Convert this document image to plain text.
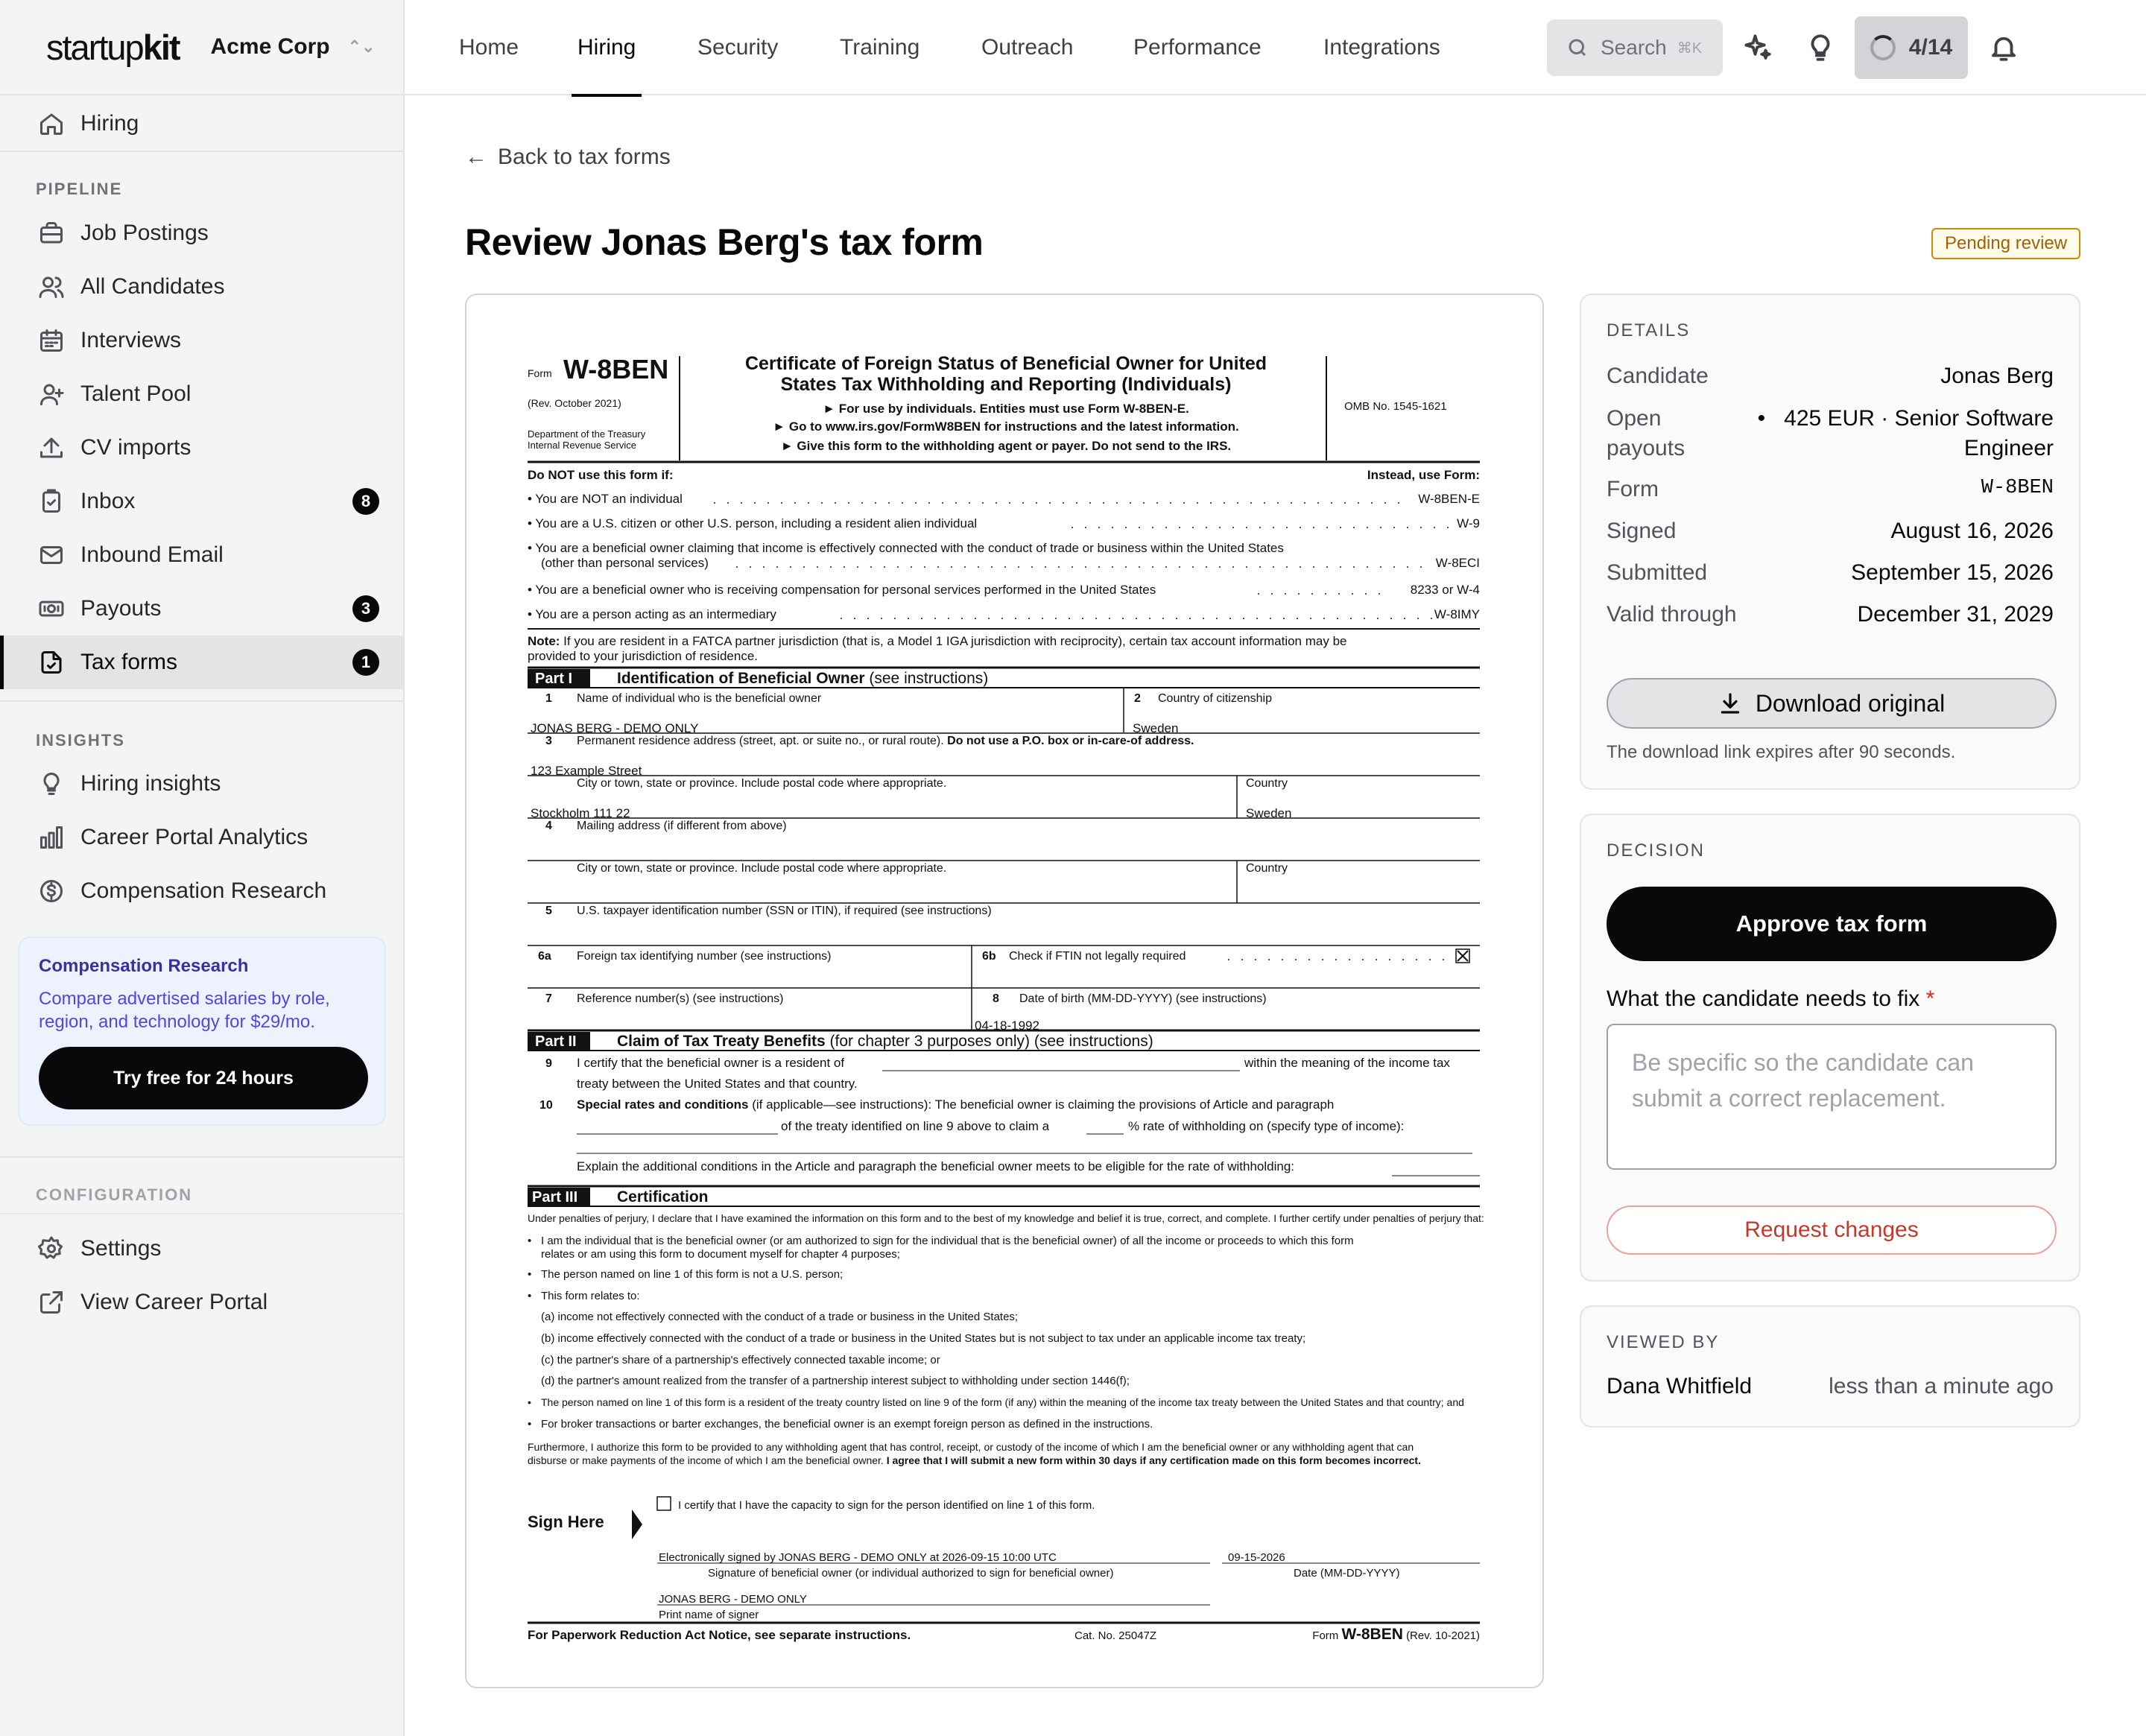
startupkit Acme Corp ⌃⌄
Hiring
PIPELINE
Job Postings
All Candidates
Interviews
Talent Pool
CV imports
Inbox	8
Inbound Email
Payouts	3
Tax forms	1
INSIGHTS
Hiring insights
Career Portal Analytics
Compensation Research
Compensation Research
Compare advertised salaries by role, region, and technology for $29/mo.
Try free for 24 hours
CONFIGURATION
Settings
View Career Portal
Home	Hiring	Security	Training	Outreach	Performance	Integrations	Search ⌘K	4/14
← Back to tax forms
Review Jonas Berg's tax form	Pending review
Form W-8BEN
(Rev. October 2021)
Department of the Treasury
Internal Revenue Service
Certificate of Foreign Status of Beneficial Owner for United
States Tax Withholding and Reporting (Individuals)
► For use by individuals. Entities must use Form W-8BEN-E.
► Go to www.irs.gov/FormW8BEN for instructions and the latest information.
► Give this form to the withholding agent or payer. Do not send to the IRS.
OMB No. 1545-1621
Do NOT use this form if:	Instead, use Form:
• You are NOT an individual	W-8BEN-E
• You are a U.S. citizen or other U.S. person, including a resident alien individual	W-9
• You are a beneficial owner claiming that income is effectively connected with the conduct of trade or business within the United States
(other than personal services)	W-8ECI
• You are a beneficial owner who is receiving compensation for personal services performed in the United States	8233 or W-4
• You are a person acting as an intermediary	W-8IMY
Note: If you are resident in a FATCA partner jurisdiction (that is, a Model 1 IGA jurisdiction with reciprocity), certain tax account information may be
provided to your jurisdiction of residence.
Part I	Identification of Beneficial Owner (see instructions)
1 Name of individual who is the beneficial owner
JONAS BERG - DEMO ONLY
2 Country of citizenship
Sweden
3 Permanent residence address (street, apt. or suite no., or rural route). Do not use a P.O. box or in-care-of address.
123 Example Street
City or town, state or province. Include postal code where appropriate.	Country
Stockholm 111 22	Sweden
4 Mailing address (if different from above)
City or town, state or province. Include postal code where appropriate.	Country
5 U.S. taxpayer identification number (SSN or ITIN), if required (see instructions)
6a Foreign tax identifying number (see instructions)	6b Check if FTIN not legally required
7 Reference number(s) (see instructions)	8 Date of birth (MM-DD-YYYY) (see instructions)
04-18-1992
Part II	Claim of Tax Treaty Benefits (for chapter 3 purposes only) (see instructions)
9 I certify that the beneficial owner is a resident of	within the meaning of the income tax
treaty between the United States and that country.
10 Special rates and conditions (if applicable—see instructions): The beneficial owner is claiming the provisions of Article and paragraph
of the treaty identified on line 9 above to claim a	% rate of withholding on (specify type of income):
Explain the additional conditions in the Article and paragraph the beneficial owner meets to be eligible for the rate of withholding:
Part III	Certification
Under penalties of perjury, I declare that I have examined the information on this form and to the best of my knowledge and belief it is true, correct, and complete. I further certify under penalties of perjury that:
• I am the individual that is the beneficial owner (or am authorized to sign for the individual that is the beneficial owner) of all the income or proceeds to which this form
relates or am using this form to document myself for chapter 4 purposes;
• The person named on line 1 of this form is not a U.S. person;
• This form relates to:
(a) income not effectively connected with the conduct of a trade or business in the United States;
(b) income effectively connected with the conduct of a trade or business in the United States but is not subject to tax under an applicable income tax treaty;
(c) the partner's share of a partnership's effectively connected taxable income; or
(d) the partner's amount realized from the transfer of a partnership interest subject to withholding under section 1446(f);
• The person named on line 1 of this form is a resident of the treaty country listed on line 9 of the form (if any) within the meaning of the income tax treaty between the United States and that country; and
• For broker transactions or barter exchanges, the beneficial owner is an exempt foreign person as defined in the instructions.
Furthermore, I authorize this form to be provided to any withholding agent that has control, receipt, or custody of the income of which I am the beneficial owner or any withholding agent that can
disburse or make payments of the income of which I am the beneficial owner. I agree that I will submit a new form within 30 days if any certification made on this form becomes incorrect.
Sign Here
I certify that I have the capacity to sign for the person identified on line 1 of this form.
Electronically signed by JONAS BERG - DEMO ONLY at 2026-09-15 10:00 UTC	09-15-2026
Signature of beneficial owner (or individual authorized to sign for beneficial owner)	Date (MM-DD-YYYY)
JONAS BERG - DEMO ONLY
Print name of signer
For Paperwork Reduction Act Notice, see separate instructions.	Cat. No. 25047Z	Form W-8BEN (Rev. 10-2021)
DETAILS
Candidate	Jonas Berg
Open
payouts
•   425 EUR · Senior Software
Engineer
Form	W-8BEN
Signed	August 16, 2026
Submitted	September 15, 2026
Valid through	December 31, 2029
Download original
The download link expires after 90 seconds.
DECISION
Approve tax form
What the candidate needs to fix *
Be specific so the candidate can submit a correct replacement.
Request changes
VIEWED BY
Dana Whitfield	less than a minute ago
